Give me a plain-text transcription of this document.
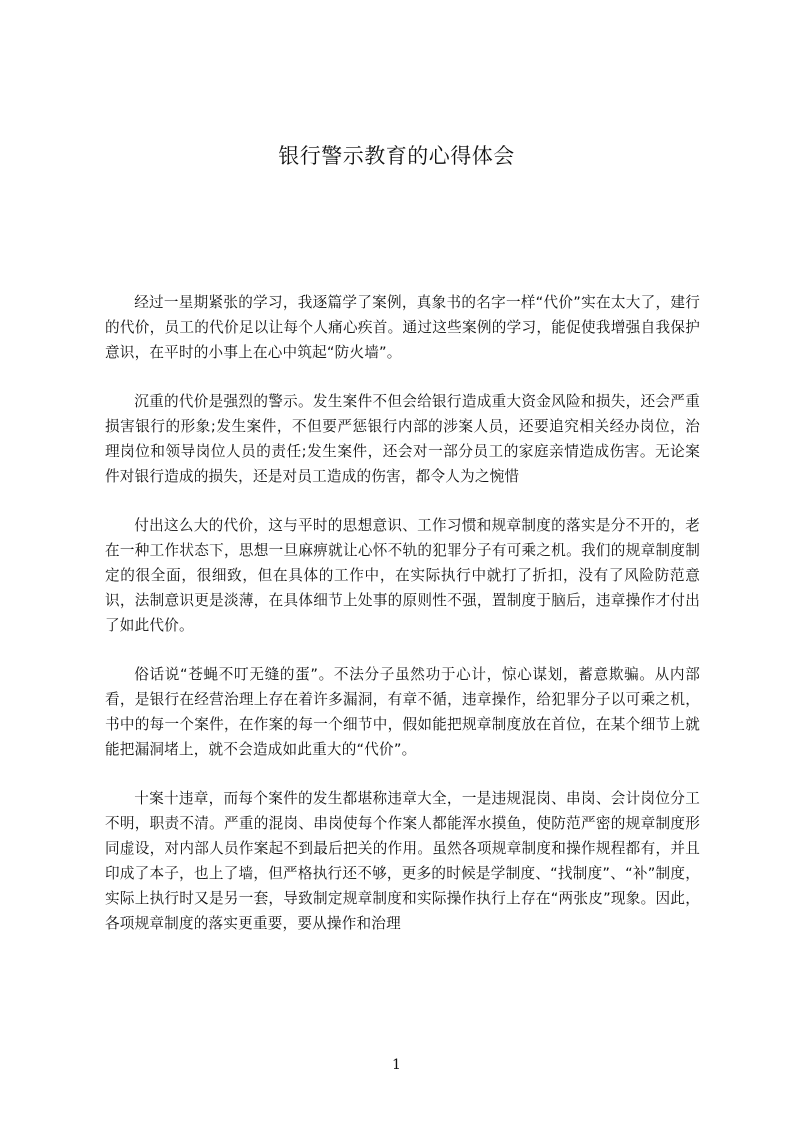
银行警示教育的心得体会

经过一星期紧张的学习，我逐篇学了案例，真象书的名字一样“代价”实在太大了，建行的代价，员工的代价足以让每个人痛心疾首。通过这些案例的学习，能促使我增强自我保护意识，在平时的小事上在心中筑起“防火墙”。

沉重的代价是强烈的警示。发生案件不但会给银行造成重大资金风险和损失，还会严重损害银行的形象;发生案件，不但要严惩银行内部的涉案人员，还要追究相关经办岗位，治理岗位和领导岗位人员的责任;发生案件，还会对一部分员工的家庭亲情造成伤害。无论案件对银行造成的损失，还是对员工造成的伤害，都令人为之惋惜

付出这么大的代价，这与平时的思想意识、工作习惯和规章制度的落实是分不开的，老在一种工作状态下，思想一旦麻痹就让心怀不轨的犯罪分子有可乘之机。我们的规章制度制定的很全面，很细致，但在具体的工作中，在实际执行中就打了折扣，没有了风险防范意识，法制意识更是淡薄，在具体细节上处事的原则性不强，置制度于脑后，违章操作才付出了如此代价。

俗话说“苍蝇不叮无缝的蛋”。不法分子虽然功于心计，惊心谋划，蓄意欺骗。从内部看，是银行在经营治理上存在着许多漏洞，有章不循，违章操作，给犯罪分子以可乘之机，书中的每一个案件，在作案的每一个细节中，假如能把规章制度放在首位，在某个细节上就能把漏洞堵上，就不会造成如此重大的“代价”。

十案十违章，而每个案件的发生都堪称违章大全，一是违规混岗、串岗、会计岗位分工不明，职责不清。严重的混岗、串岗使每个作案人都能浑水摸鱼，使防范严密的规章制度形同虚设，对内部人员作案起不到最后把关的作用。虽然各项规章制度和操作规程都有，并且印成了本子，也上了墙，但严格执行还不够，更多的时候是学制度、“找制度”、“补”制度，实际上执行时又是另一套，导致制定规章制度和实际操作执行上存在“两张皮”现象。因此，各项规章制度的落实更重要，要从操作和治理

1
